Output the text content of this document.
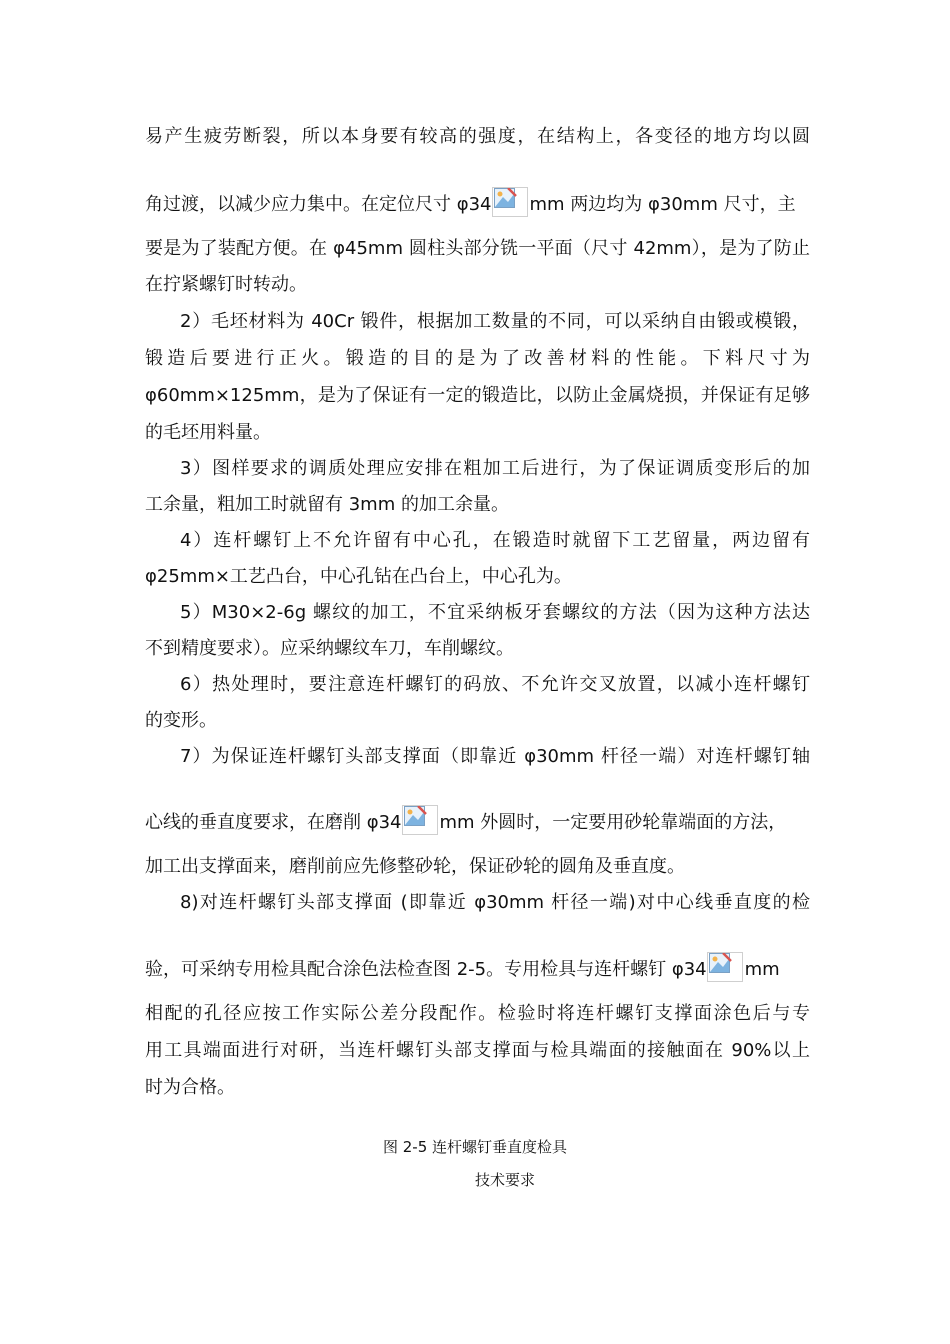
易产生疲劳断裂，所以本身要有较高的强度，在结构上，各变径的地方均以圆
角过渡，以减少应力集中。在定位尺寸 φ34 mm 两边均为 φ30mm 尺寸，主
要是为了装配方便。在 φ45mm 圆柱头部分铣一平面（尺寸 42mm），是为了防止
在拧紧螺钉时转动。
2）毛坯材料为 40Cr 锻件，根据加工数量的不同，可以采纳自由锻或模锻，
锻造后要进行正火。锻造的目的是为了改善材料的性能。下料尺寸为
φ60mm×125mm，是为了保证有一定的锻造比，以防止金属烧损，并保证有足够
的毛坯用料量。
3）图样要求的调质处理应安排在粗加工后进行，为了保证调质变形后的加
工余量，粗加工时就留有 3mm 的加工余量。
4）连杆螺钉上不允许留有中心孔，在锻造时就留下工艺留量，两边留有
φ25mm×工艺凸台，中心孔钻在凸台上，中心孔为。
5）M30×2-6g 螺纹的加工，不宜采纳板牙套螺纹的方法（因为这种方法达
不到精度要求）。应采纳螺纹车刀，车削螺纹。
6）热处理时，要注意连杆螺钉的码放、不允许交叉放置，以减小连杆螺钉
的变形。
7）为保证连杆螺钉头部支撑面（即靠近 φ30mm 杆径一端）对连杆螺钉轴
心线的垂直度要求，在磨削 φ34 mm 外圆时，一定要用砂轮靠端面的方法，
加工出支撑面来，磨削前应先修整砂轮，保证砂轮的圆角及垂直度。
8)对连杆螺钉头部支撑面 (即靠近 φ30mm 杆径一端)对中心线垂直度的检
验，可采纳专用检具配合涂色法检查图 2-5。专用检具与连杆螺钉 φ34 mm
相配的孔径应按工作实际公差分段配作。检验时将连杆螺钉支撑面涂色后与专
用工具端面进行对研，当连杆螺钉头部支撑面与检具端面的接触面在 90%以上
时为合格。
图 2-5 连杆螺钉垂直度检具
技术要求
